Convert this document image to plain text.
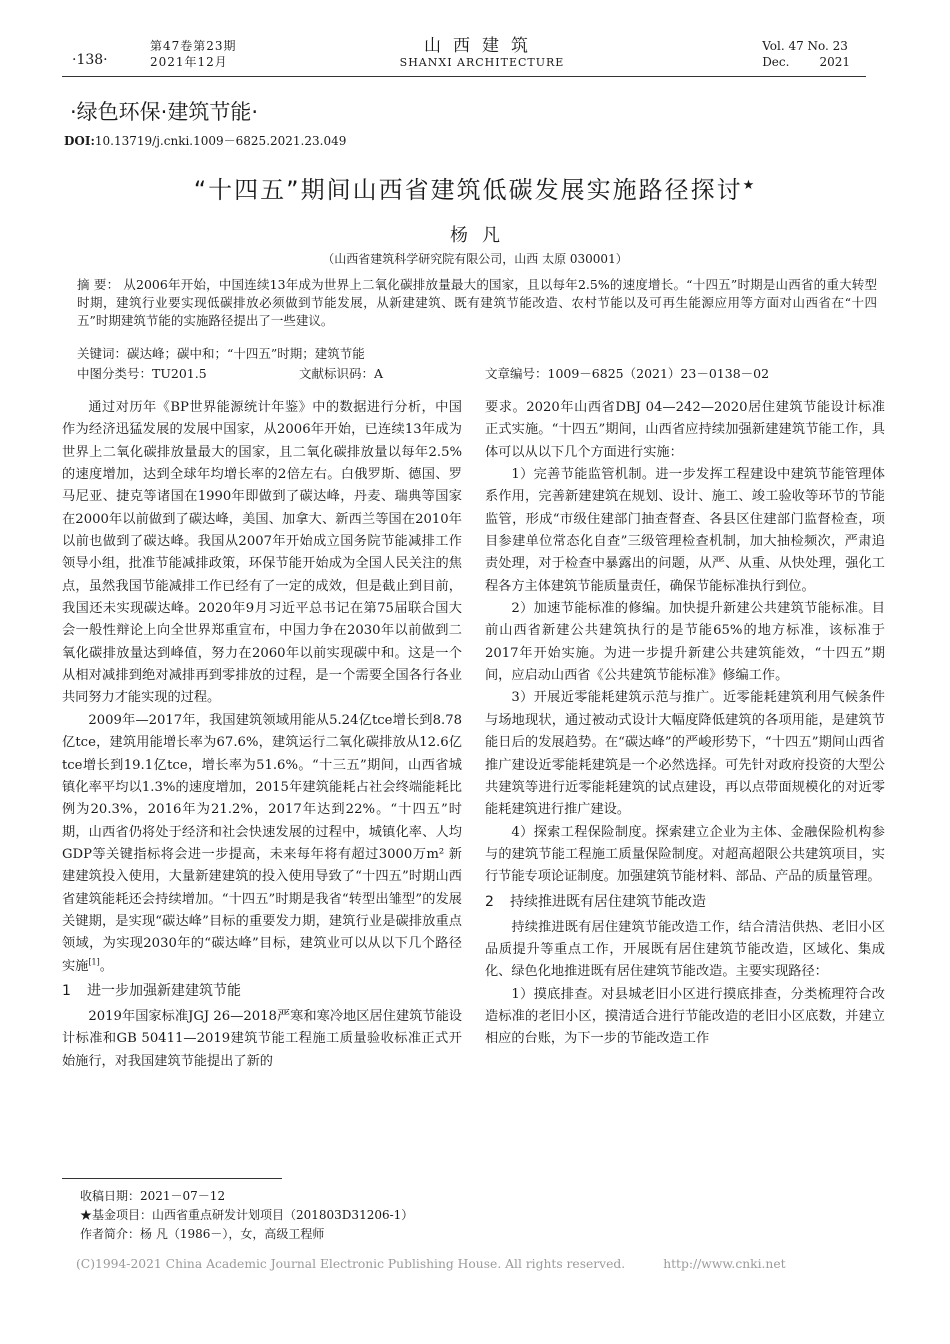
·138·
第47卷第23期
2021年12月
山西建筑
SHANXI ARCHITECTURE
Vol. 47 No. 23
Dec.	2021
·绿色环保·建筑节能·
DOI:10.13719/j.cnki.1009－6825.2021.23.049
“十四五”期间山西省建筑低碳发展实施路径探讨★
杨凡
（山西省建筑科学研究院有限公司，山西 太原 030001）
摘 要： 从2006年开始，中国连续13年成为世界上二氧化碳排放量最大的国家，且以每年2.5%的速度增长。“十四五”时期是山西省的重大转型时期，建筑行业要实现低碳排放必须做到节能发展，从新建建筑、既有建筑节能改造、农村节能以及可再生能源应用等方面对山西省在“十四五”时期建筑节能的实施路径提出了一些建议。
关键词：碳达峰；碳中和；“十四五”时期；建筑节能
中图分类号：TU201.5	文献标识码：A	文章编号：1009－6825（2021）23－0138－02

通过对历年《BP世界能源统计年鉴》中的数据进行分析，中国作为经济迅猛发展的发展中国家，从2006年开始，已连续13年成为世界上二氧化碳排放量最大的国家，且二氧化碳排放量以每年2.5%的速度增加，达到全球年均增长率的2倍左右。白俄罗斯、德国、罗马尼亚、捷克等诸国在1990年即做到了碳达峰，丹麦、瑞典等国家在2000年以前做到了碳达峰，美国、加拿大、新西兰等国在2010年以前也做到了碳达峰。我国从2007年开始成立国务院节能减排工作领导小组，批准节能减排政策，环保节能开始成为全国人民关注的焦点，虽然我国节能减排工作已经有了一定的成效，但是截止到目前，我国还未实现碳达峰。2020年9月习近平总书记在第75届联合国大会一般性辩论上向全世界郑重宣布，中国力争在2030年以前做到二氧化碳排放量达到峰值，努力在2060年以前实现碳中和。这是一个从相对减排到绝对减排再到零排放的过程，是一个需要全国各行各业共同努力才能实现的过程。

2009年—2017年，我国建筑领域用能从5.24亿tce增长到8.78亿tce，建筑用能增长率为67.6%，建筑运行二氧化碳排放从12.6亿tce增长到19.1亿tce，增长率为51.6%。“十三五”期间，山西省城镇化率平均以1.3%的速度增加，2015年建筑能耗占社会终端能耗比例为20.3%，2016年为21.2%，2017年达到22%。“十四五”时期，山西省仍将处于经济和社会快速发展的过程中，城镇化率、人均GDP等关键指标将会进一步提高，未来每年将有超过3000万m² 新建建筑投入使用，大量新建建筑的投入使用导致了“十四五”时期山西省建筑能耗还会持续增加。“十四五”时期是我省“转型出雏型”的发展关键期，是实现“碳达峰”目标的重要发力期，建筑行业是碳排放重点领域，为实现2030年的“碳达峰”目标，建筑业可以从以下几个路径实施[1]。

1 进一步加强新建建筑节能

2019年国家标准JGJ 26—2018严寒和寒冷地区居住建筑节能设计标准和GB 50411—2019建筑节能工程施工质量验收标准正式开始施行，对我国建筑节能提出了新的

要求。2020年山西省DBJ 04—242—2020居住建筑节能设计标准正式实施。“十四五”期间，山西省应持续加强新建建筑节能工作，具体可以从以下几个方面进行实施：

1）完善节能监管机制。进一步发挥工程建设中建筑节能管理体系作用，完善新建建筑在规划、设计、施工、竣工验收等环节的节能监管，形成“市级住建部门抽查督查、各县区住建部门监督检查，项目参建单位常态化自查”三级管理检查机制，加大抽检频次，严肃追责处理，对于检查中暴露出的问题，从严、从重、从快处理，强化工程各方主体建筑节能质量责任，确保节能标准执行到位。

2）加速节能标准的修编。加快提升新建公共建筑节能标准。目前山西省新建公共建筑执行的是节能65%的地方标准，该标准于2017年开始实施。为进一步提升新建公共建筑能效，“十四五”期间，应启动山西省《公共建筑节能标准》修编工作。

3）开展近零能耗建筑示范与推广。近零能耗建筑利用气候条件与场地现状，通过被动式设计大幅度降低建筑的各项用能，是建筑节能日后的发展趋势。在“碳达峰”的严峻形势下，“十四五”期间山西省推广建设近零能耗建筑是一个必然选择。可先针对政府投资的大型公共建筑等进行近零能耗建筑的试点建设，再以点带面规模化的对近零能耗建筑进行推广建设。

4）探索工程保险制度。探索建立企业为主体、金融保险机构参与的建筑节能工程施工质量保险制度。对超高超限公共建筑项目，实行节能专项论证制度。加强建筑节能材料、部品、产品的质量管理。

2 持续推进既有居住建筑节能改造

持续推进既有居住建筑节能改造工作，结合清洁供热、老旧小区品质提升等重点工作，开展既有居住建筑节能改造，区域化、集成化、绿色化地推进既有居住建筑节能改造。主要实现路径：

1）摸底排查。对县城老旧小区进行摸底排查，分类梳理符合改造标准的老旧小区，摸清适合进行节能改造的老旧小区底数，并建立相应的台账，为下一步的节能改造工作

收稿日期：2021－07－12
★基金项目：山西省重点研发计划项目（201803D31206-1）
作者简介：杨 凡（1986－），女，高级工程师
(C)1994-2021 China Academic Journal Electronic Publishing House. All rights reserved.	http://www.cnki.net
